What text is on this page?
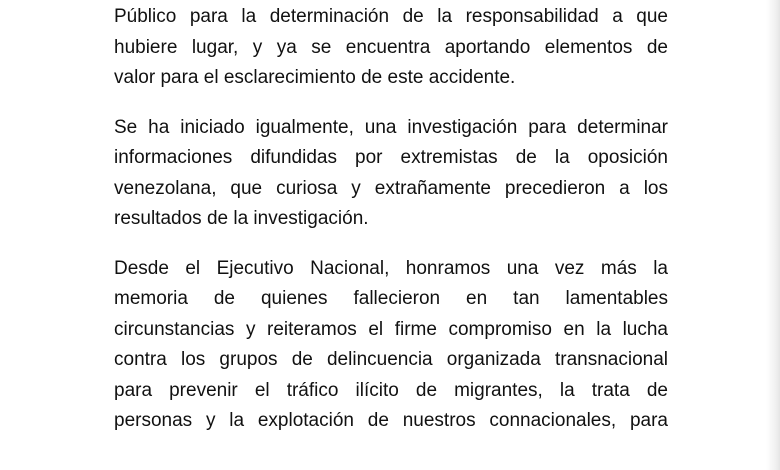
Público para la determinación de la responsabilidad a que
hubiere lugar, y ya se encuentra aportando elementos de
valor para el esclarecimiento de este accidente.

Se ha iniciado igualmente, una investigación para determinar
informaciones difundidas por extremistas de la oposición
venezolana, que curiosa y extrañamente precedieron a los
resultados de la investigación.

Desde el Ejecutivo Nacional, honramos una vez más la
memoria de quienes fallecieron en tan lamentables
circunstancias y reiteramos el firme compromiso en la lucha
contra los grupos de delincuencia organizada transnacional
para prevenir el tráfico ilícito de migrantes, la trata de
personas y la explotación de nuestros connacionales, para
